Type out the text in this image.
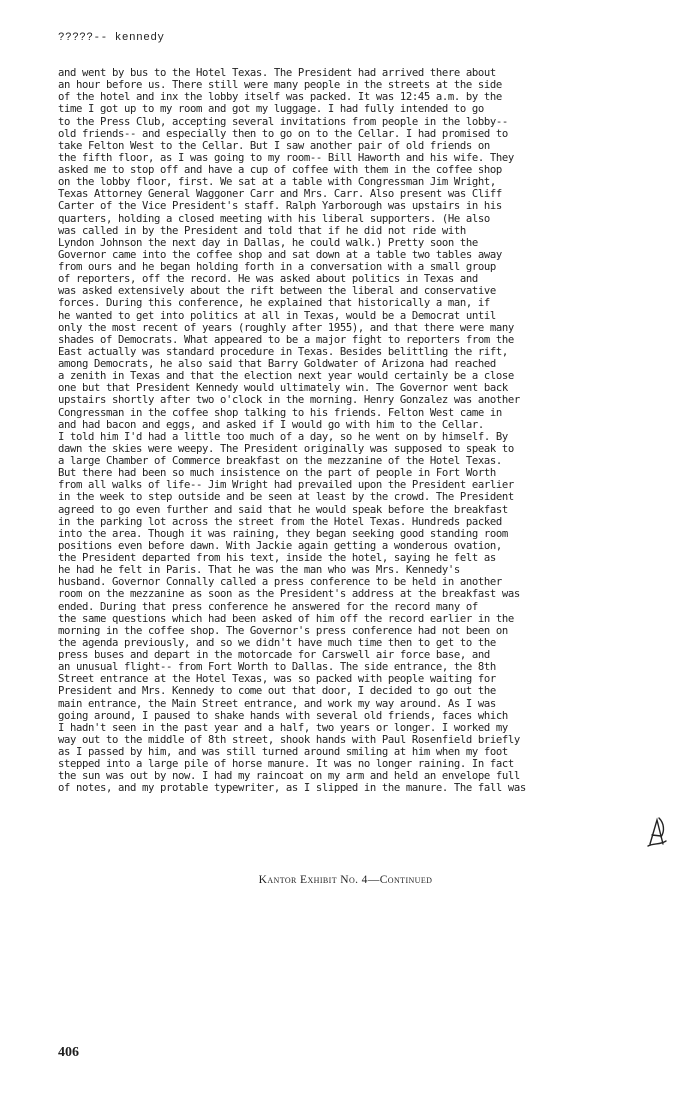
?????-- kennedy
and went by bus to the Hotel Texas. The President had arrived there about
an hour before us. There still were many people in the streets at the side
of the hotel and inx the lobby itself was packed. It was 12:45 a.m. by the
time I got up to my room and got my luggage. I had fully intended to go
to the Press Club, accepting several invitations from people in the lobby--
old friends-- and especially then to go on to the Cellar. I had promised to
take Felton West to the Cellar. But I saw another pair of old friends on
the fifth floor, as I was going to my room-- Bill Haworth and his wife. They
asked me to stop off and have a cup of coffee with them in the coffee shop
on the lobby floor, first. We sat at a table with Congressman Jim Wright,
Texas Attorney General Waggoner Carr and Mrs. Carr. Also present was Cliff
Carter of the Vice President's staff. Ralph Yarborough was upstairs in his
quarters, holding a closed meeting with his liberal supporters. (He also
was called in by the President and told that if he did not ride with
Lyndon Johnson the next day in Dallas, he could walk.) Pretty soon the
Governor came into the coffee shop and sat down at a table two tables away
from ours and he began holding forth in a conversation with a small group
of reporters, off the record. He was asked about politics in Texas and
was asked extensively about the rift between the liberal and conservative
forces. During this conference, he explained that historically a man, if
he wanted to get into politics at all in Texas, would be a Democrat until
only the most recent of years (roughly after 1955), and that there were many
shades of Democrats. What appeared to be a major fight to reporters from the
East actually was standard procedure in Texas. Besides belittling the rift,
among Democrats, he also said that Barry Goldwater of Arizona had reached
a zenith in Texas and that the election next year would certainly be a close
one but that President Kennedy would ultimately win. The Governor went back
upstairs shortly after two o'clock in the morning. Henry Gonzalez was another
Congressman in the coffee shop talking to his friends. Felton West came in
and had bacon and eggs, and asked if I would go with him to the Cellar.
I told him I'd had a little too much of a day, so he went on by himself. By
dawn the skies were weepy. The President originally was supposed to speak to
a large Chamber of Commerce breakfast on the mezzanine of the Hotel Texas.
But there had been so much insistence on the part of people in Fort Worth
from all walks of life-- Jim Wright had prevailed upon the President earlier
in the week to step outside and be seen at least by the crowd. The President
agreed to go even further and said that he would speak before the breakfast
in the parking lot across the street from the Hotel Texas. Hundreds packed
into the area. Though it was raining, they began seeking good standing room
positions even before dawn. With Jackie again getting a wonderous ovation,
the President departed from his text, inside the hotel, saying he felt as
he had he felt in Paris. That he was the man who was Mrs. Kennedy's
husband. Governor Connally called a press conference to be held in another
room on the mezzanine as soon as the President's address at the breakfast was
ended. During that press conference he answered for the record many of
the same questions which had been asked of him off the record earlier in the
morning in the coffee shop. The Governor's press conference had not been on
the agenda previously, and so we didn't have much time then to get to the
press buses and depart in the motorcade for Carswell air force base, and
an unusual flight-- from Fort Worth to Dallas. The side entrance, the 8th
Street entrance at the Hotel Texas, was so packed with people waiting for
President and Mrs. Kennedy to come out that door, I decided to go out the
main entrance, the Main Street entrance, and work my way around. As I was
going around, I paused to shake hands with several old friends, faces which
I hadn't seen in the past year and a half, two years or longer. I worked my
way out to the middle of 8th street, shook hands with Paul Rosenfield briefly
as I passed by him, and was still turned around smiling at him when my foot
stepped into a large pile of horse manure. It was no longer raining. In fact
the sun was out by now. I had my raincoat on my arm and held an envelope full
of notes, and my protable typewriter, as I slipped in the manure. The fall was
Kantor Exhibit No. 4—Continued
406
